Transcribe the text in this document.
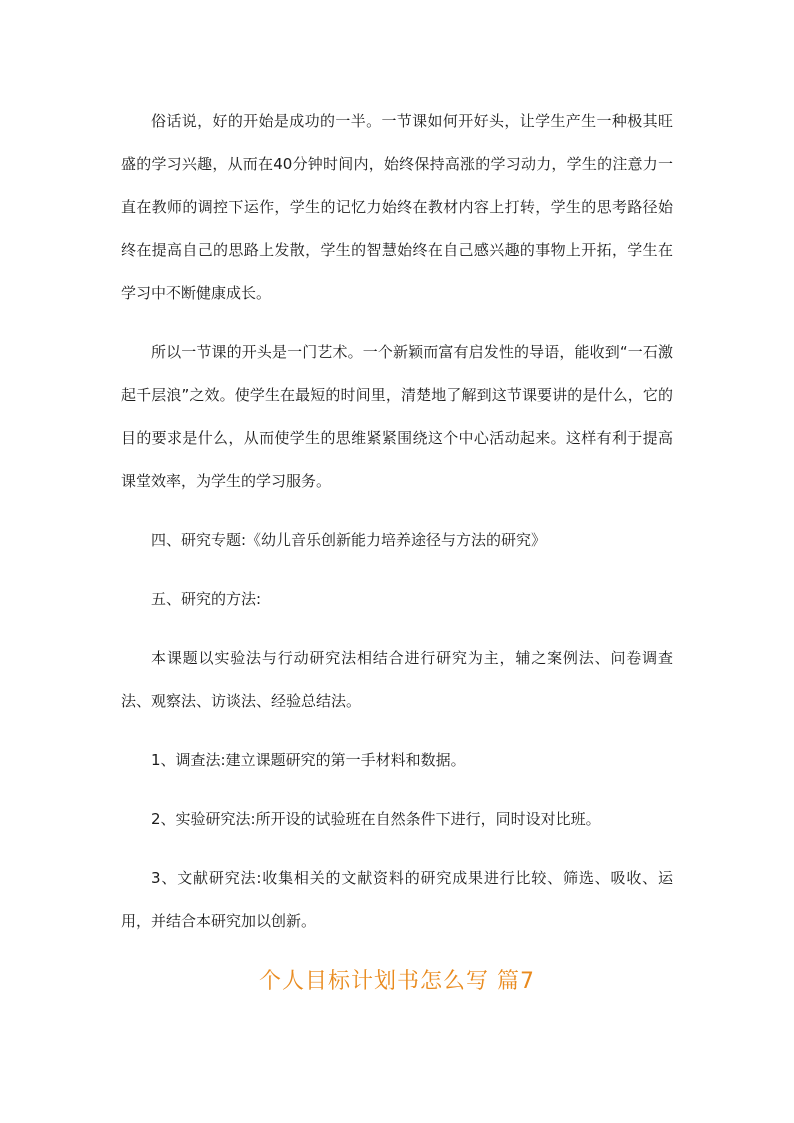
俗话说，好的开始是成功的一半。一节课如何开好头，让学生产生一种极其旺盛的学习兴趣，从而在40分钟时间内，始终保持高涨的学习动力，学生的注意力一直在教师的调控下运作，学生的记忆力始终在教材内容上打转，学生的思考路径始终在提高自己的思路上发散，学生的智慧始终在自己感兴趣的事物上开拓，学生在学习中不断健康成长。

所以一节课的开头是一门艺术。一个新颖而富有启发性的导语，能收到“一石激起千层浪”之效。使学生在最短的时间里，清楚地了解到这节课要讲的是什么，它的目的要求是什么，从而使学生的思维紧紧围绕这个中心活动起来。这样有利于提高课堂效率，为学生的学习服务。

四、研究专题:《幼儿音乐创新能力培养途径与方法的研究》

五、研究的方法:

本课题以实验法与行动研究法相结合进行研究为主，辅之案例法、问卷调查法、观察法、访谈法、经验总结法。

1、调查法:建立课题研究的第一手材料和数据。

2、实验研究法:所开设的试验班在自然条件下进行，同时设对比班。

3、文献研究法:收集相关的文献资料的研究成果进行比较、筛选、吸收、运用，并结合本研究加以创新。

个人目标计划书怎么写 篇7
